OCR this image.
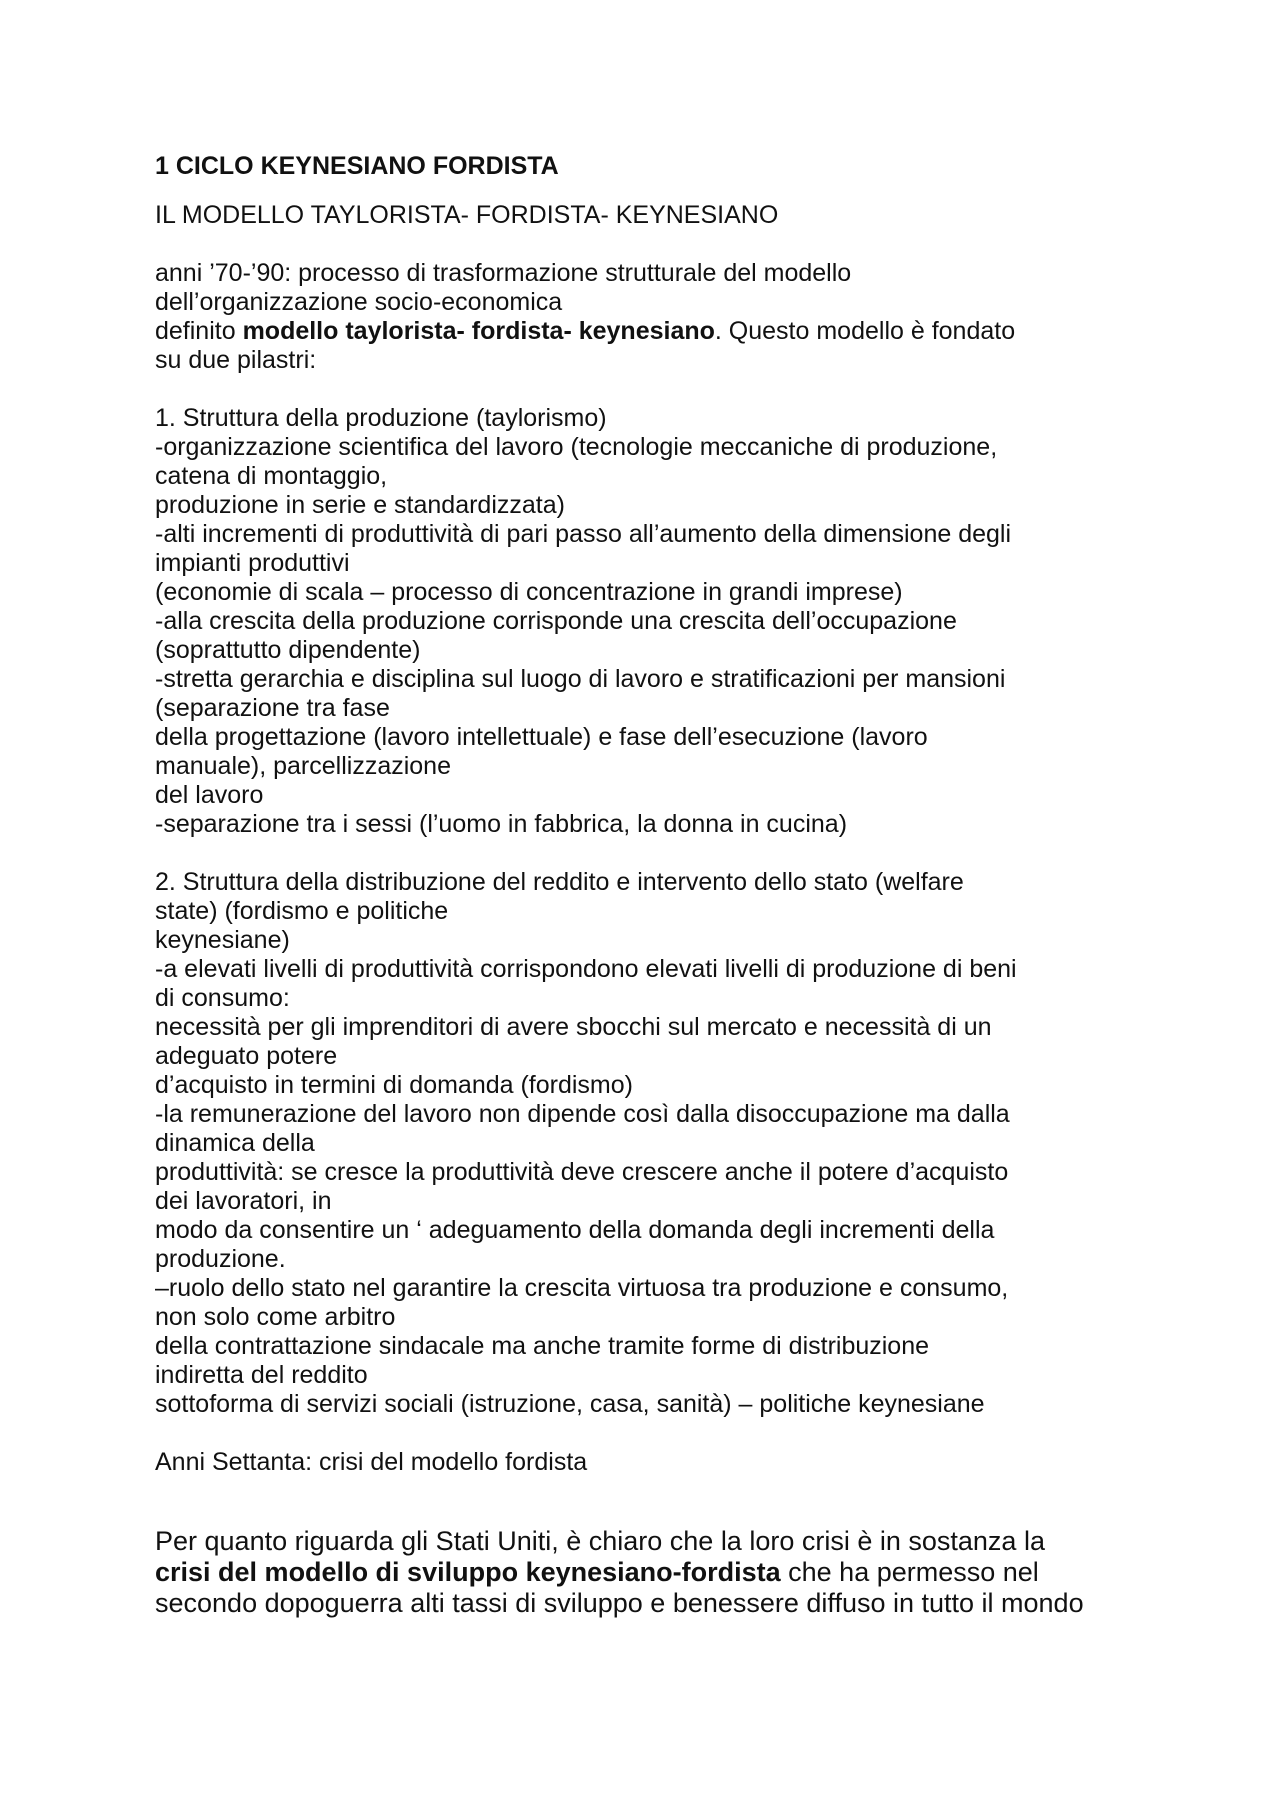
1 CICLO KEYNESIANO FORDISTA
IL MODELLO TAYLORISTA- FORDISTA- KEYNESIANO
anni ’70-’90: processo di trasformazione strutturale del modello
dell’organizzazione socio-economica
definito modello taylorista- fordista- keynesiano. Questo modello è fondato
su due pilastri:
1. Struttura della produzione (taylorismo)
-organizzazione scientifica del lavoro (tecnologie meccaniche di produzione,
catena di montaggio,
produzione in serie e standardizzata)
-alti incrementi di produttività di pari passo all’aumento della dimensione degli
impianti produttivi
(economie di scala – processo di concentrazione in grandi imprese)
-alla crescita della produzione corrisponde una crescita dell’occupazione
(soprattutto dipendente)
-stretta gerarchia e disciplina sul luogo di lavoro e stratificazioni per mansioni
(separazione tra fase
della progettazione (lavoro intellettuale) e fase dell’esecuzione (lavoro
manuale), parcellizzazione
del lavoro
-separazione tra i sessi (l’uomo in fabbrica, la donna in cucina)
2. Struttura della distribuzione del reddito e intervento dello stato (welfare
state) (fordismo e politiche
keynesiane)
-a elevati livelli di produttività corrispondono elevati livelli di produzione di beni
di consumo:
necessità per gli imprenditori di avere sbocchi sul mercato e necessità di un
adeguato potere
d’acquisto in termini di domanda (fordismo)
-la remunerazione del lavoro non dipende così dalla disoccupazione ma dalla
dinamica della
produttività: se cresce la produttività deve crescere anche il potere d’acquisto
dei lavoratori, in
modo da consentire un ‘ adeguamento della domanda degli incrementi della
produzione.
–ruolo dello stato nel garantire la crescita virtuosa tra produzione e consumo,
non solo come arbitro
della contrattazione sindacale ma anche tramite forme di distribuzione
indiretta del reddito
sottoforma di servizi sociali (istruzione, casa, sanità) – politiche keynesiane
Anni Settanta: crisi del modello fordista
Per quanto riguarda gli Stati Uniti, è chiaro che la loro crisi è in sostanza la
crisi del modello di sviluppo keynesiano-fordista che ha permesso nel
secondo dopoguerra alti tassi di sviluppo e benessere diffuso in tutto il mondo
